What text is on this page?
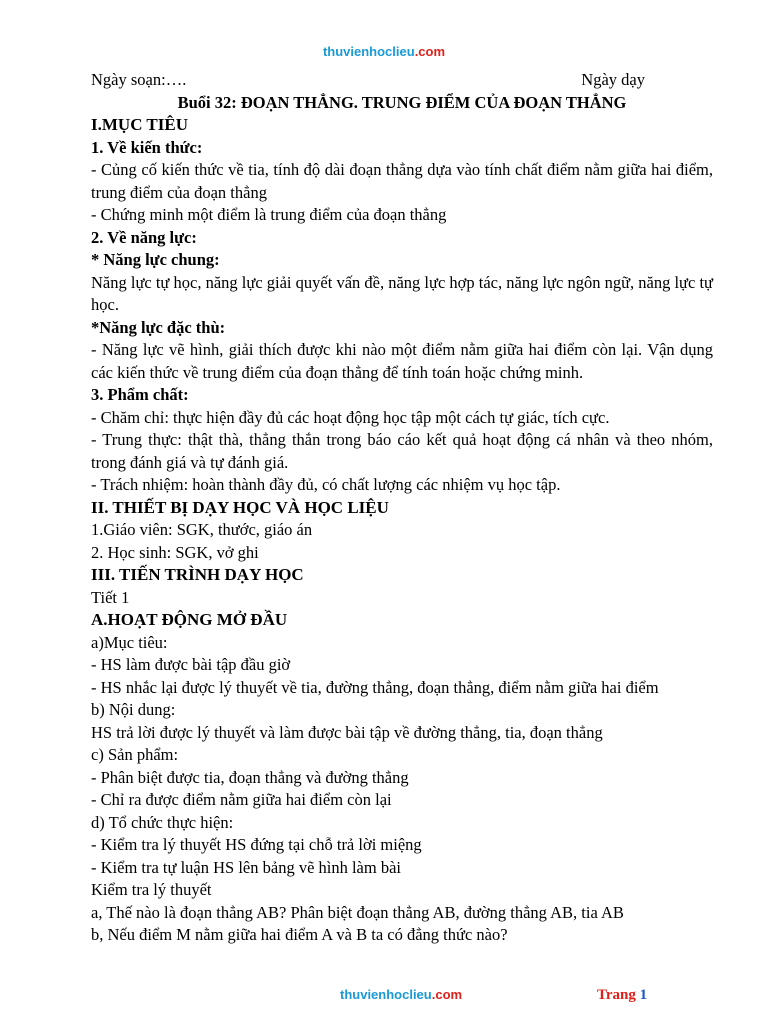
thuvienhoclieu.com
Ngày soạn:….	Ngày dạy
Buổi 32: ĐOẠN THẲNG. TRUNG ĐIỂM CỦA ĐOẠN THẲNG
I.MỤC TIÊU
1. Về kiến thức:
- Củng cố kiến thức về tia, tính độ dài đoạn thẳng dựa vào tính chất điểm nằm giữa hai điểm, trung điểm của đoạn thẳng
- Chứng minh một điểm là trung điểm của đoạn thẳng
2. Về năng lực:
* Năng lực chung:
Năng lực tự học, năng lực giải quyết vấn đề, năng lực hợp tác, năng lực ngôn ngữ, năng lực tự học.
*Năng lực đặc thù:
- Năng lực vẽ hình, giải thích được khi nào một điểm nằm giữa hai điểm còn lại. Vận dụng các kiến thức về trung điểm của đoạn thẳng để tính toán hoặc chứng minh.
3. Phẩm chất:
- Chăm chỉ: thực hiện đầy đủ các hoạt động học tập một cách tự giác, tích cực.
- Trung thực: thật thà, thẳng thắn trong báo cáo kết quả hoạt động cá nhân và theo nhóm, trong đánh giá và tự đánh giá.
- Trách nhiệm: hoàn thành đầy đủ, có chất lượng các nhiệm vụ học tập.
II. THIẾT BỊ DẠY HỌC VÀ HỌC LIỆU
1.Giáo viên: SGK, thước, giáo án
2. Học sinh: SGK, vở ghi
III. TIẾN TRÌNH DẠY HỌC
Tiết 1
A.HOẠT ĐỘNG MỞ ĐẦU
a)Mục tiêu:
- HS làm được bài tập đầu giờ
- HS nhắc lại được lý thuyết về tia, đường thẳng, đoạn thẳng, điểm nằm giữa hai điểm
b) Nội dung:
HS trả lời được lý thuyết và làm được bài tập về đường thẳng, tia, đoạn thẳng
c) Sản phẩm:
- Phân biệt được tia, đoạn thẳng và đường thẳng
- Chỉ ra được điểm nằm giữa hai điểm còn lại
d) Tổ chức thực hiện:
- Kiểm tra lý thuyết HS đứng tại chỗ trả lời miệng
- Kiểm tra tự luận HS lên bảng vẽ hình làm bài
Kiểm tra lý thuyết
a, Thế nào là đoạn thẳng AB? Phân biệt đoạn thẳng AB, đường thẳng AB, tia AB
b, Nếu điểm M nằm giữa hai điểm A và B ta có đẳng thức nào?
thuvienhoclieu.com	Trang 1
